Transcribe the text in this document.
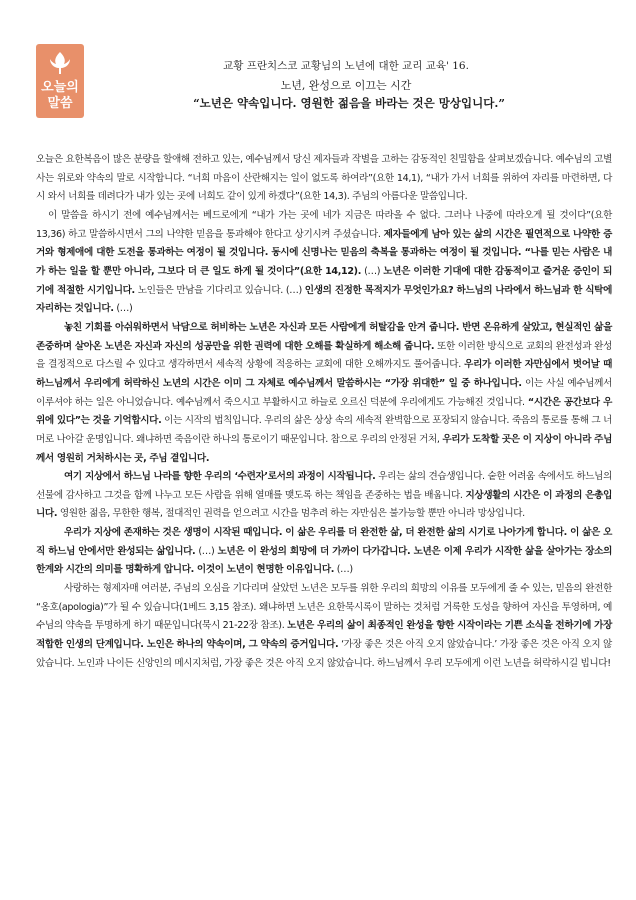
오늘의
말씀
교황 프란치스코 교황님의 노년에 대한 교리 교육' 16.
노년, 완성으로 이끄는 시간
“노년은 약속입니다. 영원한 젊음을 바라는 것은 망상입니다.”

오늘은 요한복음이 많은 분량을 할애해 전하고 있는, 예수님께서 당신 제자들과 작별을 고하는 감동적인 친밀함을 살펴보겠습니다. 예수님의 고별사는 위로와 약속의 말로 시작합니다. “너희 마음이 산란해지는 일이 없도록 하여라”(요한 14,1), “내가 가서 너희를 위하여 자리를 마련하면, 다시 와서 너희를 데려다가 내가 있는 곳에 너희도 같이 있게 하겠다”(요한 14,3). 주님의 아름다운 말씀입니다.

이 말씀을 하시기 전에 예수님께서는 베드로에게 “내가 가는 곳에 네가 지금은 따라올 수 없다. 그러나 나중에 따라오게 될 것이다”(요한 13,36) 하고 말씀하시면서 그의 나약한 믿음을 통과해야 한다고 상기시켜 주셨습니다. 제자들에게 남아 있는 삶의 시간은 필연적으로 나약한 증거와 형제애에 대한 도전을 통과하는 여정이 될 것입니다. 동시에 신명나는 믿음의 축복을 통과하는 여정이 될 것입니다. “나를 믿는 사람은 내가 하는 일을 할 뿐만 아니라, 그보다 더 큰 일도 하게 될 것이다”(요한 14,12). (…) 노년은 이러한 기대에 대한 감동적이고 즐거운 증인이 되기에 적절한 시기입니다. 노인들은 만남을 기다리고 있습니다. (…) 인생의 진정한 목적지가 무엇인가요? 하느님의 나라에서 하느님과 한 식탁에 자리하는 것입니다. (…)

놓친 기회를 아쉬워하면서 낙담으로 허비하는 노년은 자신과 모든 사람에게 허탈감을 안겨 줍니다. 반면 온유하게 살았고, 현실적인 삶을 존중하며 살아온 노년은 자신과 자신의 성공만을 위한 권력에 대한 오해를 확실하게 해소해 줍니다. 또한 이러한 방식으로 교회의 완전성과 완성을 결정적으로 다스릴 수 있다고 생각하면서 세속적 상황에 적응하는 교회에 대한 오해까지도 풀어줍니다. 우리가 이러한 자만심에서 벗어날 때 하느님께서 우리에게 허락하신 노년의 시간은 이미 그 자체로 예수님께서 말씀하시는 “가장 위대한” 일 중 하나입니다. 이는 사실 예수님께서 이루셔야 하는 일은 아니었습니다. 예수님께서 죽으시고 부활하시고 하늘로 오르신 덕분에 우리에게도 가능해진 것입니다. “시간은 공간보다 우위에 있다”는 것을 기억합시다. 이는 시작의 법칙입니다. 우리의 삶은 상상 속의 세속적 완벽함으로 포장되지 않습니다. 죽음의 통로를 통해 그 너머로 나아갈 운명입니다. 왜냐하면 죽음이란 하나의 통로이기 때문입니다. 참으로 우리의 안정된 거처, 우리가 도착할 곳은 이 지상이 아니라 주님께서 영원히 거처하시는 곳, 주님 곁입니다.

여기 지상에서 하느님 나라를 향한 우리의 ‘수련자’로서의 과정이 시작됩니다. 우리는 삶의 견습생입니다. 숱한 어려움 속에서도 하느님의 선물에 감사하고 그것을 함께 나누고 모든 사람을 위해 열매를 맺도록 하는 책임을 존중하는 법을 배웁니다. 지상생활의 시간은 이 과정의 은총입니다. 영원한 젊음, 무한한 행복, 절대적인 권력을 얻으려고 시간을 멈추려 하는 자만심은 불가능할 뿐만 아니라 망상입니다.

우리가 지상에 존재하는 것은 생명이 시작된 때입니다. 이 삶은 우리를 더 완전한 삶, 더 완전한 삶의 시기로 나아가게 합니다. 이 삶은 오직 하느님 안에서만 완성되는 삶입니다. (…) 노년은 이 완성의 희망에 더 가까이 다가갑니다. 노년은 이제 우리가 시작한 삶을 살아가는 장소의 한계와 시간의 의미를 명확하게 압니다. 이것이 노년이 현명한 이유입니다. (…)

사랑하는 형제자매 여러분, 주님의 오심을 기다리며 살았던 노년은 모두를 위한 우리의 희망의 이유를 모두에게 줄 수 있는, 믿음의 완전한 “옹호(apologia)”가 될 수 있습니다(1베드 3,15 참조). 왜냐하면 노년은 요한묵시록이 말하는 것처럼 거룩한 도성을 향하여 자신을 투영하며, 예수님의 약속을 투명하게 하기 때문입니다(묵시 21-22장 참조). 노년은 우리의 삶이 최종적인 완성을 향한 시작이라는 기쁜 소식을 전하기에 가장 적합한 인생의 단계입니다. 노인은 하나의 약속이며, 그 약속의 증거입니다. ‘가장 좋은 것은 아직 오지 않았습니다.’ 가장 좋은 것은 아직 오지 않았습니다. 노인과 나이든 신앙인의 메시지처럼, 가장 좋은 것은 아직 오지 않았습니다. 하느님께서 우리 모두에게 이런 노년을 허락하시길 빕니다!
